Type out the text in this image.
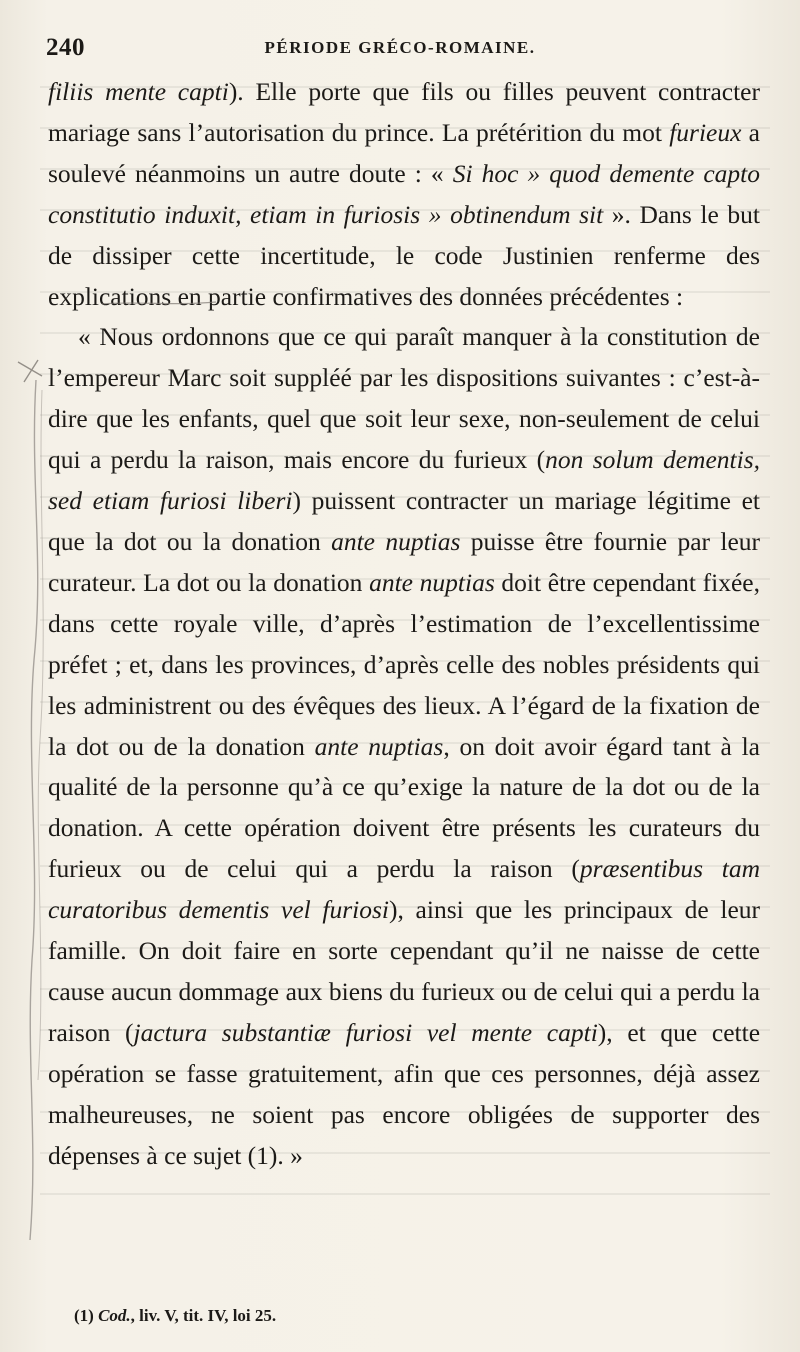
240	PÉRIODE GRÉCO-ROMAINE.

filiis mente capti). Elle porte que fils ou filles peuvent contracter mariage sans l’autorisation du prince. La prétérition du mot furieux a soulevé néanmoins un autre doute : « Si hoc » quod demente capto constitutio induxit, etiam in furiosis » obtinendum sit ». Dans le but de dissiper cette incertitude, le code Justinien renferme des explications en partie confirmatives des données précédentes :

« Nous ordonnons que ce qui paraît manquer à la constitution de l’empereur Marc soit suppléé par les dispositions suivantes : c’est-à-dire que les enfants, quel que soit leur sexe, non-seulement de celui qui a perdu la raison, mais encore du furieux (non solum dementis, sed etiam furiosi liberi) puissent contracter un mariage légitime et que la dot ou la donation ante nuptias puisse être fournie par leur curateur. La dot ou la donation ante nuptias doit être cependant fixée, dans cette royale ville, d’après l’estimation de l’excellentissime préfet ; et, dans les provinces, d’après celle des nobles présidents qui les administrent ou des évêques des lieux. A l’égard de la fixation de la dot ou de la donation ante nuptias, on doit avoir égard tant à la qualité de la personne qu’à ce qu’exige la nature de la dot ou de la donation. A cette opération doivent être présents les curateurs du furieux ou de celui qui a perdu la raison (præsentibus tam curatoribus dementis vel furiosi), ainsi que les principaux de leur famille. On doit faire en sorte cependant qu’il ne naisse de cette cause aucun dommage aux biens du furieux ou de celui qui a perdu la raison (jactura substantiæ furiosi vel mente capti), et que cette opération se fasse gratuitement, afin que ces personnes, déjà assez malheureuses, ne soient pas encore obligées de supporter des dépenses à ce sujet (1). »

(1) Cod., liv. V, tit. IV, loi 25.
